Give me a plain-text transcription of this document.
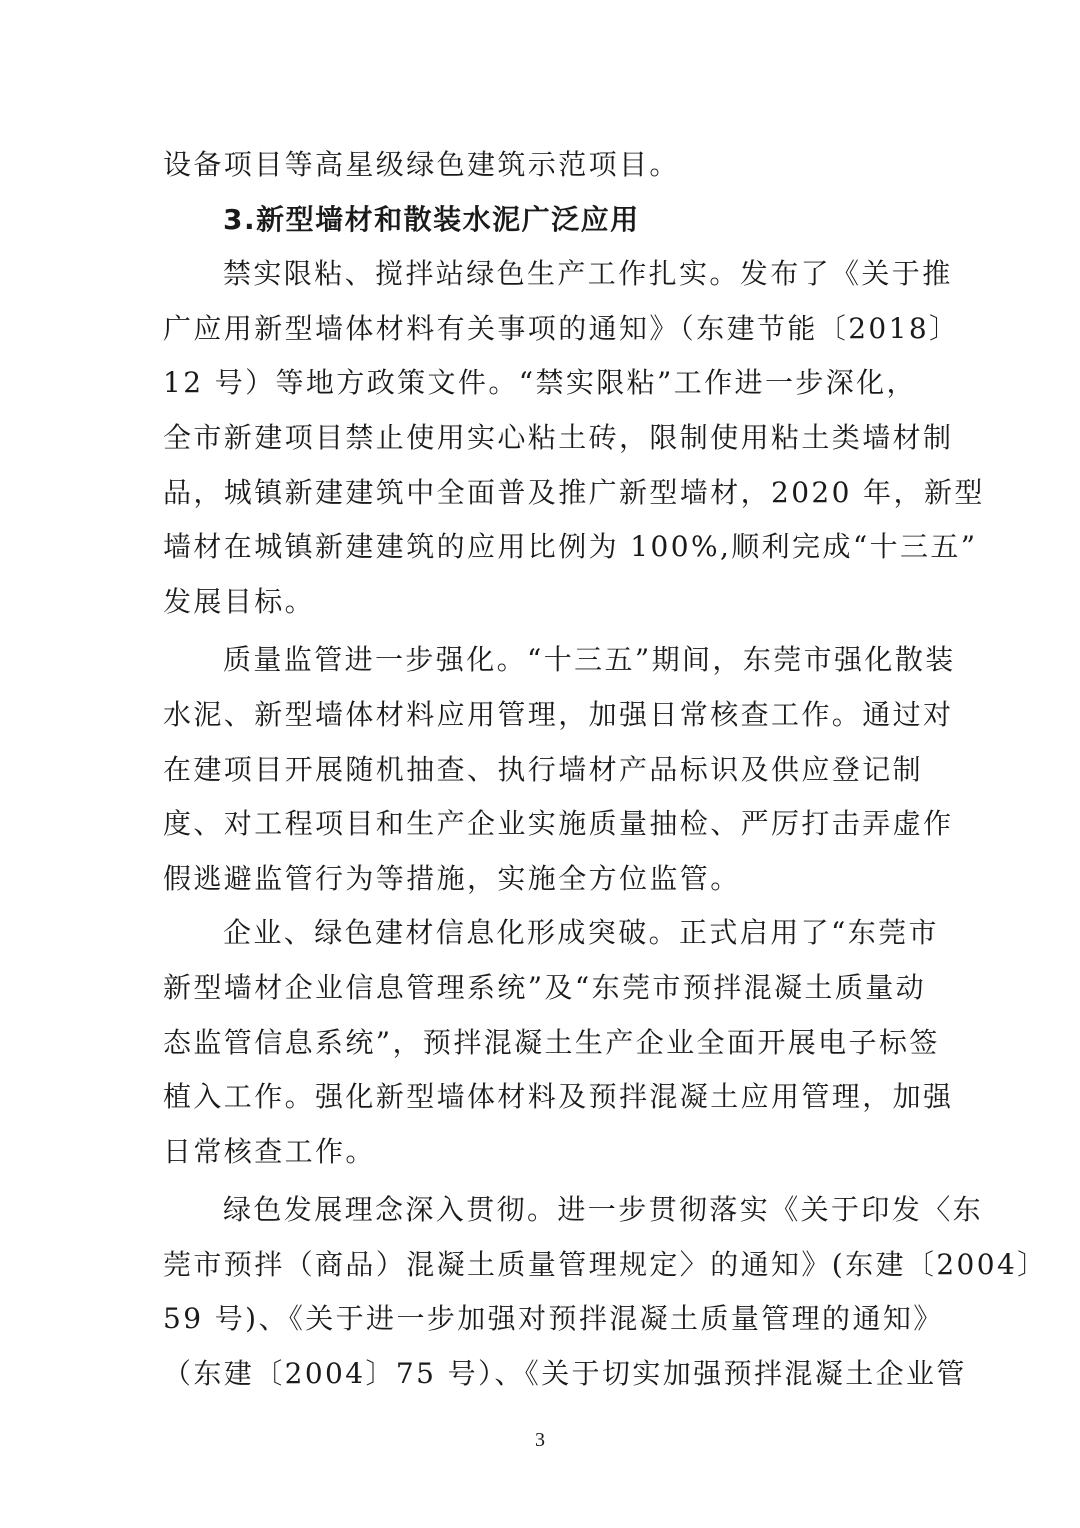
设备项目等高星级绿色建筑示范项目。
3.新型墙材和散装水泥广泛应用
禁实限粘、搅拌站绿色生产工作扎实。发布了《关于推
广应用新型墙体材料有关事项的通知》（东建节能〔2018〕
12 号）等地方政策文件。“禁实限粘”工作进一步深化，
全市新建项目禁止使用实心粘土砖，限制使用粘土类墙材制
品，城镇新建建筑中全面普及推广新型墙材，2020 年，新型
墙材在城镇新建建筑的应用比例为 100%,顺利完成“十三五”
发展目标。
质量监管进一步强化。“十三五”期间，东莞市强化散装
水泥、新型墙体材料应用管理，加强日常核查工作。通过对
在建项目开展随机抽查、执行墙材产品标识及供应登记制
度、对工程项目和生产企业实施质量抽检、严厉打击弄虚作
假逃避监管行为等措施，实施全方位监管。
企业、绿色建材信息化形成突破。正式启用了“东莞市
新型墙材企业信息管理系统”及“东莞市预拌混凝土质量动
态监管信息系统”，预拌混凝土生产企业全面开展电子标签
植入工作。强化新型墙体材料及预拌混凝土应用管理，加强
日常核查工作。
绿色发展理念深入贯彻。进一步贯彻落实《关于印发〈东
莞市预拌（商品）混凝土质量管理规定〉的通知》(东建〔2004〕
59 号)、《关于进一步加强对预拌混凝土质量管理的通知》
（东建〔2004〕75 号）、《关于切实加强预拌混凝土企业管
3
